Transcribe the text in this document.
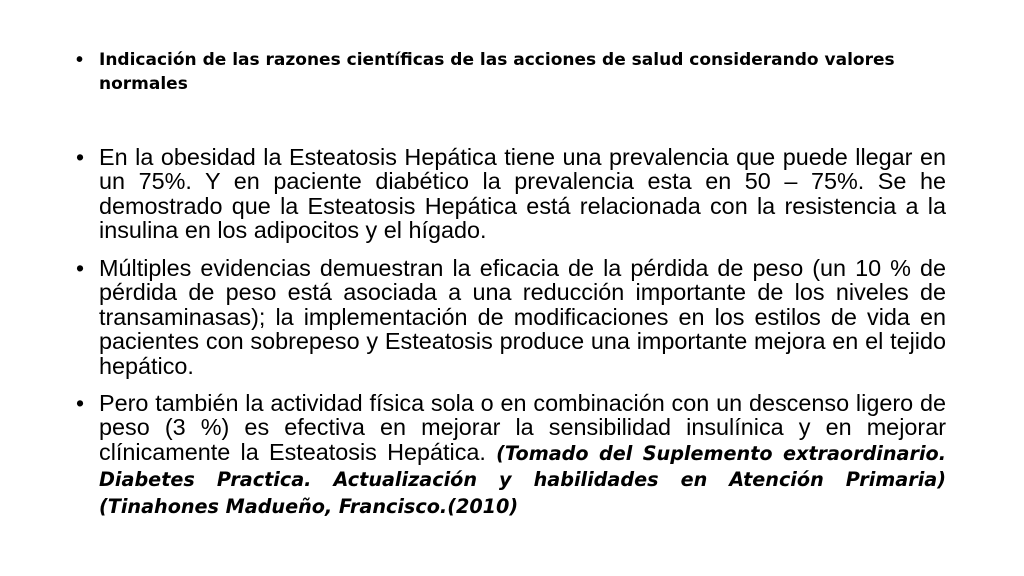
• Indicación de las razones científicas de las acciones de salud considerando valores normales
• En la obesidad la Esteatosis Hepática tiene una prevalencia que puede llegar en un 75%. Y en paciente diabético la prevalencia esta en 50 – 75%. Se he demostrado que la Esteatosis Hepática está relacionada con la resistencia a la insulina en los adipocitos y el hígado.
• Múltiples evidencias demuestran la eficacia de la pérdida de peso (un 10 % de pérdida de peso está asociada a una reducción importante de los niveles de transaminasas); la implementación de modificaciones en los estilos de vida en pacientes con sobrepeso y Esteatosis produce una importante mejora en el tejido hepático.
• Pero también la actividad física sola o en combinación con un descenso ligero de peso (3 %) es efectiva en mejorar la sensibilidad insulínica y en mejorar clínicamente la Esteatosis Hepática. (Tomado del Suplemento extraordinario. Diabetes Practica. Actualización y habilidades en Atención Primaria) (Tinahones Madueño, Francisco.(2010)
